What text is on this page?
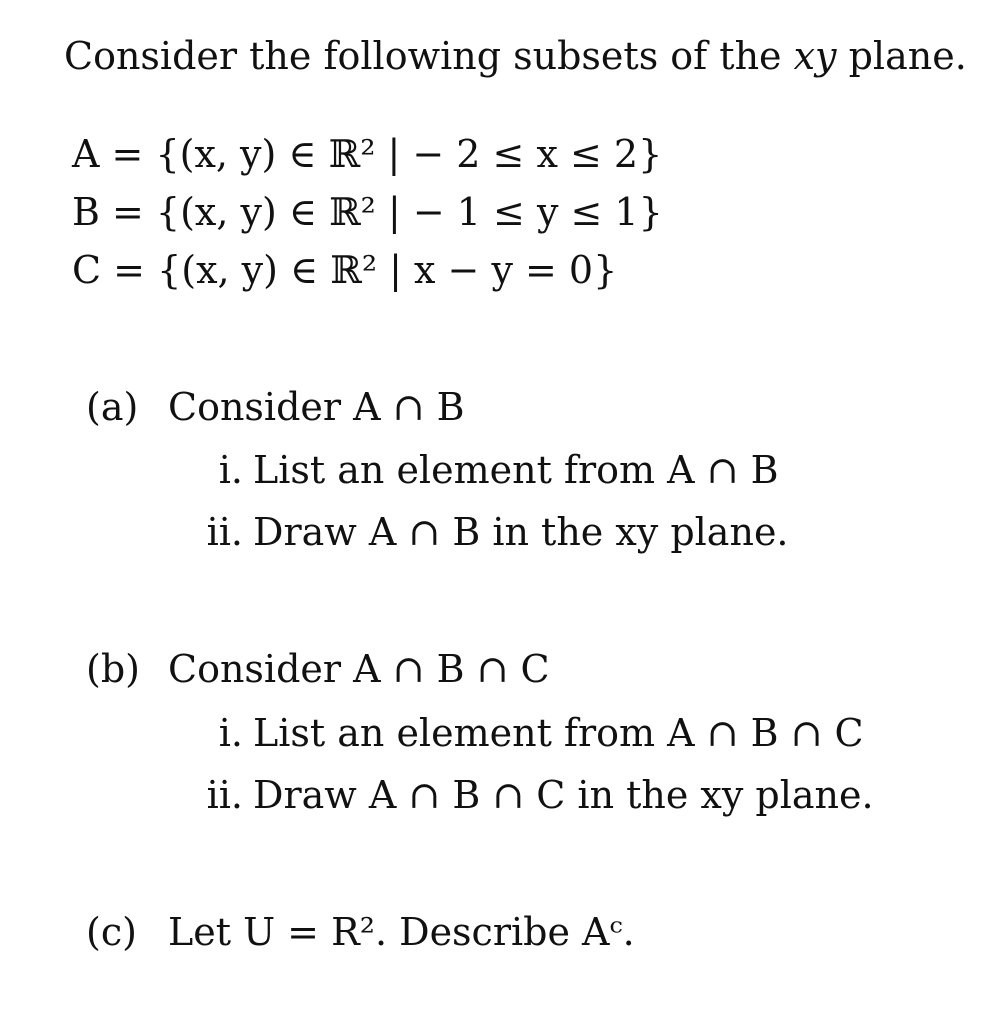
Consider the following subsets of the xy plane.
A = {(x, y) ∈ ℝ² | − 2 ≤ x ≤ 2}
B = {(x, y) ∈ ℝ² | − 1 ≤ y ≤ 1}
C = {(x, y) ∈ ℝ² | x − y = 0}
(a) Consider A ∩ B
i. List an element from A ∩ B
ii. Draw A ∩ B in the xy plane.
(b) Consider A ∩ B ∩ C
i. List an element from A ∩ B ∩ C
ii. Draw A ∩ B ∩ C in the xy plane.
(c) Let U = R². Describe Aᶜ.
